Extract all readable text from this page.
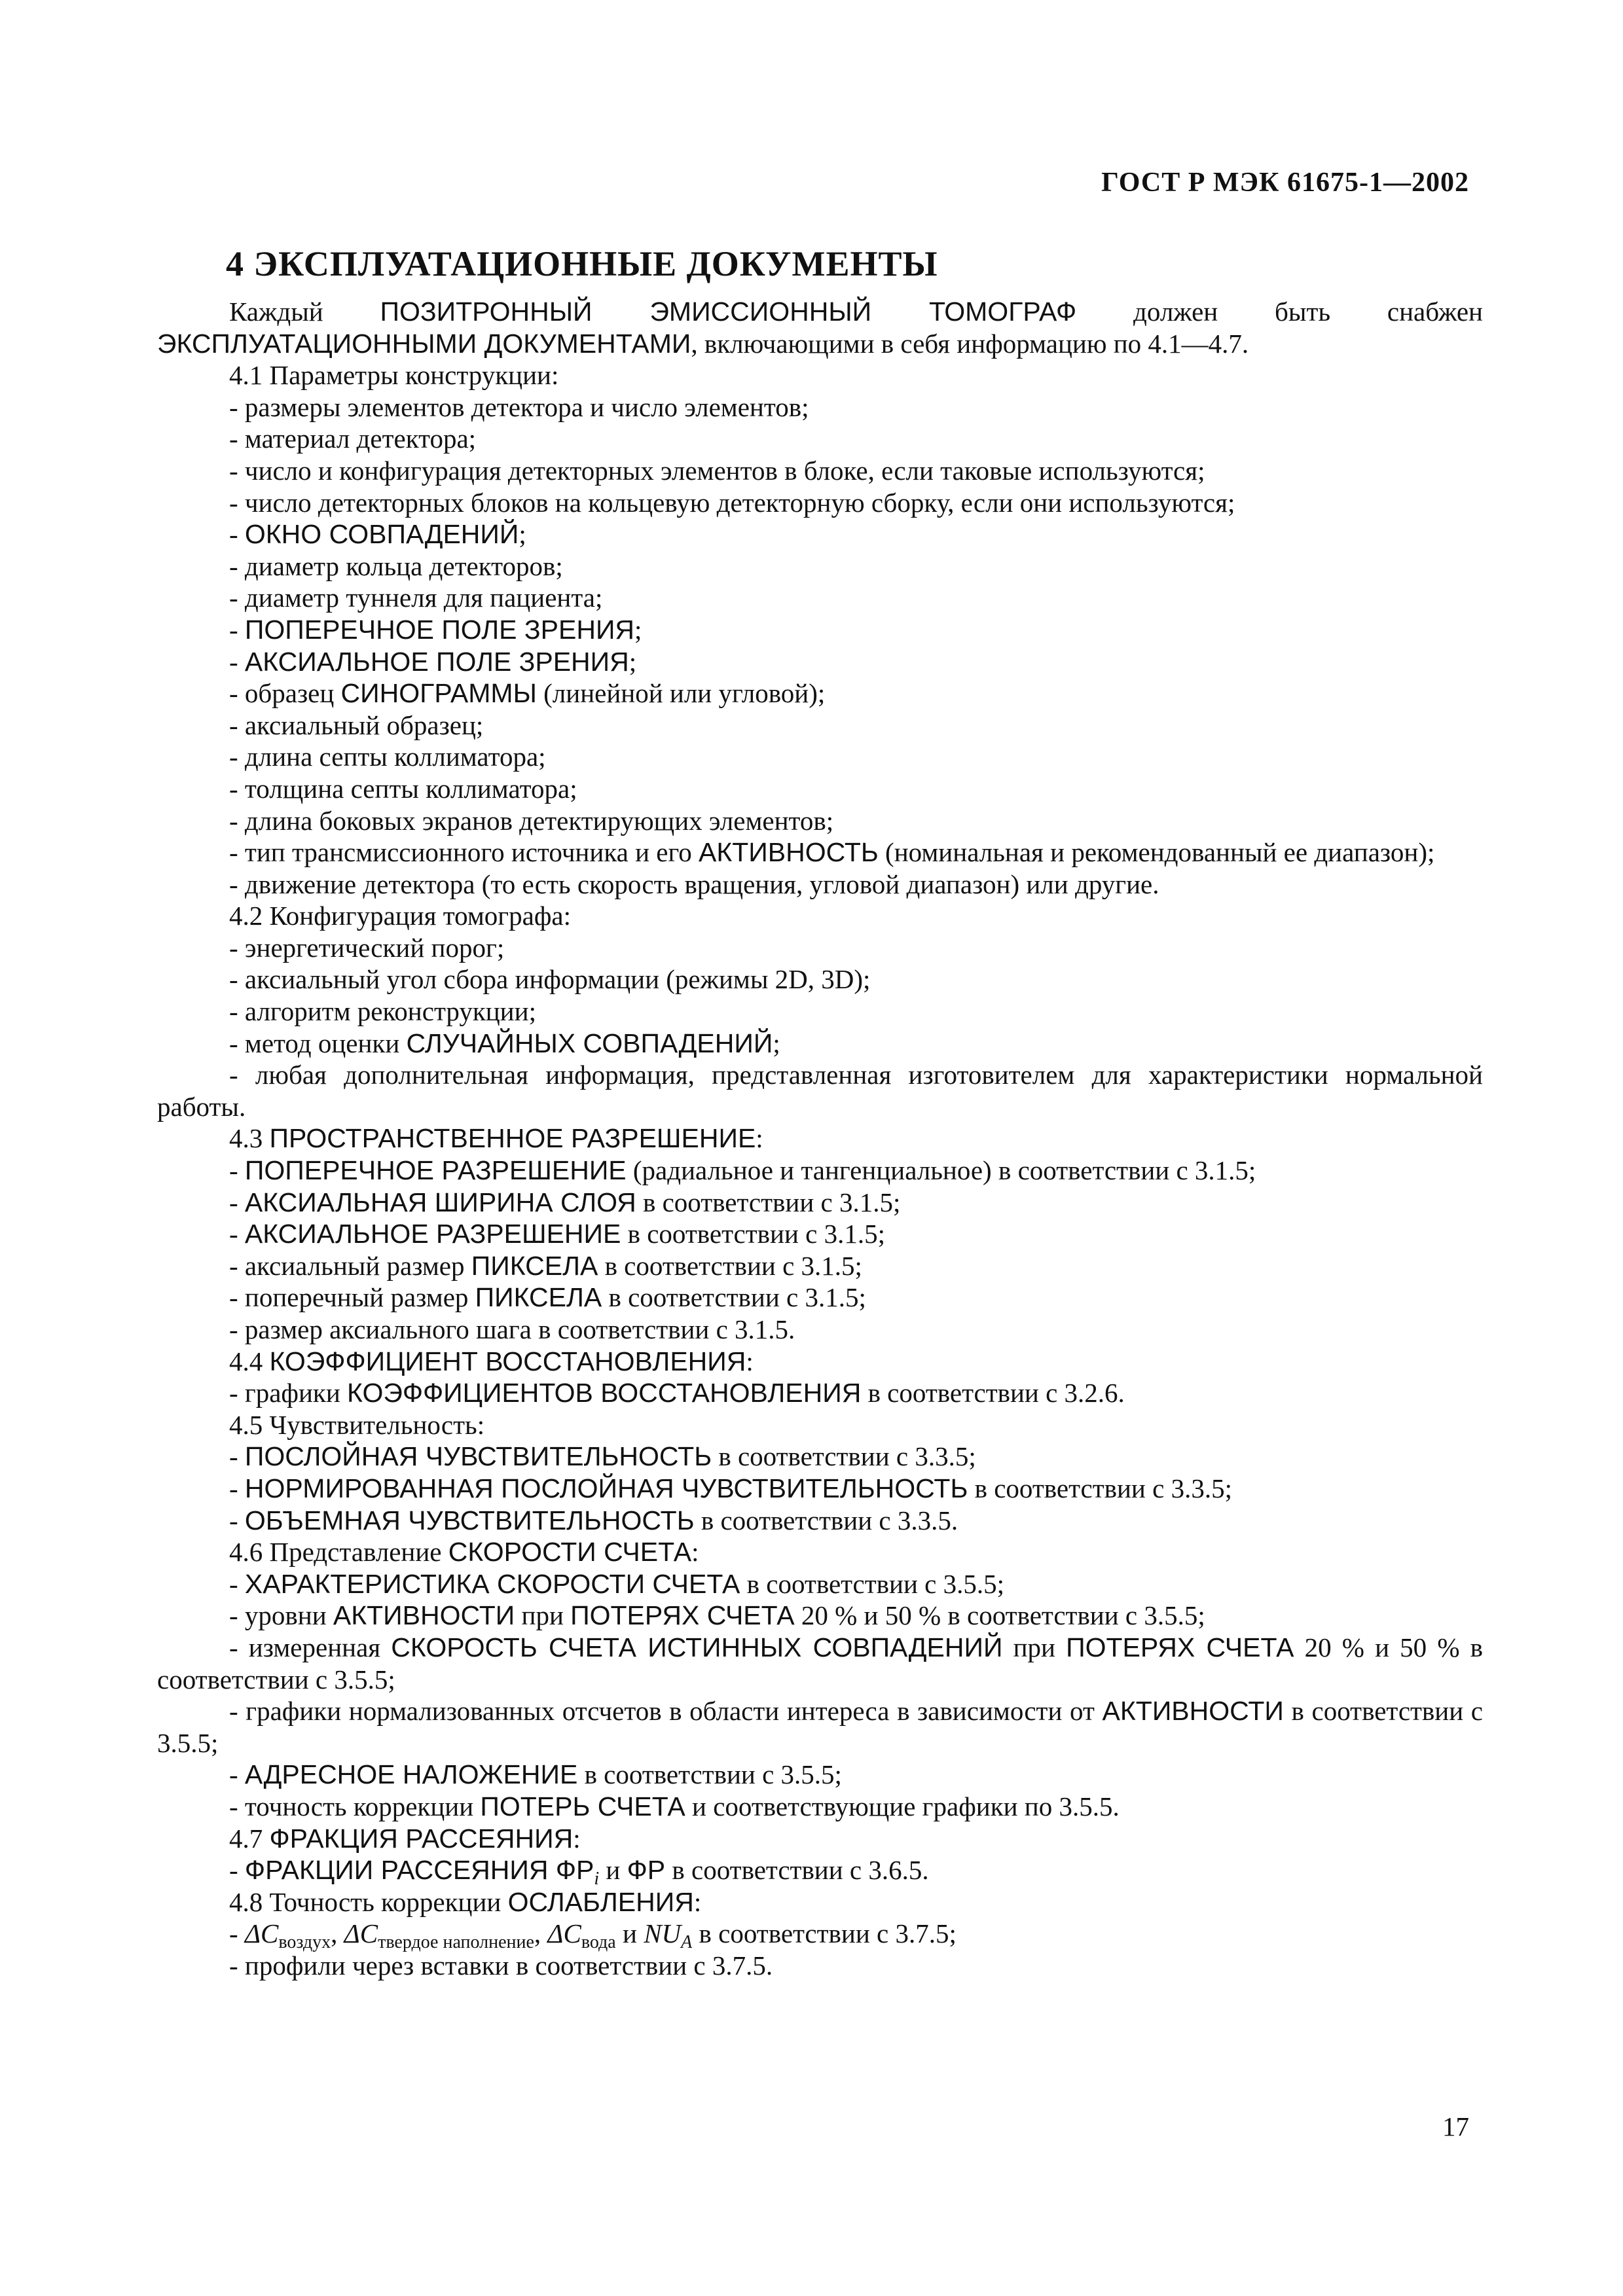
ГОСТ Р МЭК 61675-1—2002
4 ЭКСПЛУАТАЦИОННЫЕ ДОКУМЕНТЫ

Каждый ПОЗИТРОННЫЙ ЭМИССИОННЫЙ ТОМОГРАФ должен быть снабжен ЭКСПЛУАТАЦИОННЫМИ ДОКУМЕНТАМИ, включающими в себя информацию по 4.1—4.7.

4.1 Параметры конструкции:

- размеры элементов детектора и число элементов;

- материал детектора;

- число и конфигурация детекторных элементов в блоке, если таковые используются;

- число детекторных блоков на кольцевую детекторную сборку, если они используются;

- ОКНО СОВПАДЕНИЙ;

- диаметр кольца детекторов;

- диаметр туннеля для пациента;

- ПОПЕРЕЧНОЕ ПОЛЕ ЗРЕНИЯ;

- АКСИАЛЬНОЕ ПОЛЕ ЗРЕНИЯ;

- образец СИНОГРАММЫ (линейной или угловой);

- аксиальный образец;

- длина септы коллиматора;

- толщина септы коллиматора;

- длина боковых экранов детектирующих элементов;

- тип трансмиссионного источника и его АКТИВНОСТЬ (номинальная и рекомендованный ее диапазон);

- движение детектора (то есть скорость вращения, угловой диапазон) или другие.

4.2 Конфигурация томографа:

- энергетический порог;

- аксиальный угол сбора информации (режимы 2D, 3D);

- алгоритм реконструкции;

- метод оценки СЛУЧАЙНЫХ СОВПАДЕНИЙ;

- любая дополнительная информация, представленная изготовителем для характеристики нормальной работы.

4.3 ПРОСТРАНСТВЕННОЕ РАЗРЕШЕНИЕ:

- ПОПЕРЕЧНОЕ РАЗРЕШЕНИЕ (радиальное и тангенциальное) в соответствии с 3.1.5;

- АКСИАЛЬНАЯ ШИРИНА СЛОЯ в соответствии с 3.1.5;

- АКСИАЛЬНОЕ РАЗРЕШЕНИЕ в соответствии с 3.1.5;

- аксиальный размер ПИКСЕЛА в соответствии с 3.1.5;

- поперечный размер ПИКСЕЛА в соответствии с 3.1.5;

- размер аксиального шага в соответствии с 3.1.5.

4.4 КОЭФФИЦИЕНТ ВОССТАНОВЛЕНИЯ:

- графики КОЭФФИЦИЕНТОВ ВОССТАНОВЛЕНИЯ в соответствии с 3.2.6.

4.5 Чувствительность:

- ПОСЛОЙНАЯ ЧУВСТВИТЕЛЬНОСТЬ в соответствии с 3.3.5;

- НОРМИРОВАННАЯ ПОСЛОЙНАЯ ЧУВСТВИТЕЛЬНОСТЬ в соответствии с 3.3.5;

- ОБЪЕМНАЯ ЧУВСТВИТЕЛЬНОСТЬ в соответствии с 3.3.5.

4.6 Представление СКОРОСТИ СЧЕТА:

- ХАРАКТЕРИСТИКА СКОРОСТИ СЧЕТА в соответствии с 3.5.5;

- уровни АКТИВНОСТИ при ПОТЕРЯХ СЧЕТА 20 % и 50 % в соответствии с 3.5.5;

- измеренная СКОРОСТЬ СЧЕТА ИСТИННЫХ СОВПАДЕНИЙ при ПОТЕРЯХ СЧЕТА 20 % и 50 % в соответствии с 3.5.5;

- графики нормализованных отсчетов в области интереса в зависимости от АКТИВНОСТИ в соответствии с 3.5.5;

- АДРЕСНОЕ НАЛОЖЕНИЕ в соответствии с 3.5.5;

- точность коррекции ПОТЕРЬ СЧЕТА и соответствующие графики по 3.5.5.

4.7 ФРАКЦИЯ РАССЕЯНИЯ:

- ФРАКЦИИ РАССЕЯНИЯ $ФР_i$ и ФР в соответствии с 3.6.5.

4.8 Точность коррекции ОСЛАБЛЕНИЯ:

- $\Delta C_{воздух}$, $\Delta C_{твердое наполнение}$, $\Delta C_{вода}$ и $NU_A$ в соответствии с 3.7.5;

- профили через вставки в соответствии с 3.7.5.

17
